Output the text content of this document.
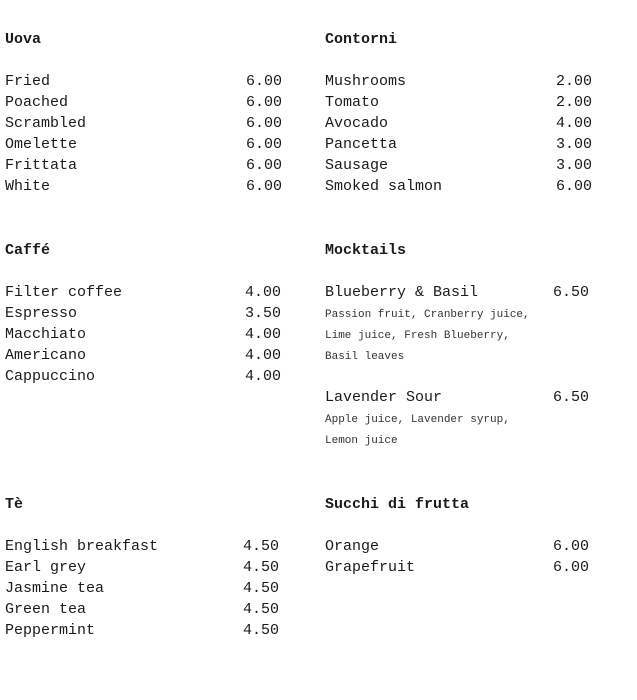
Uova
Fried	6.00
Poached	6.00
Scrambled	6.00
Omelette	6.00
Frittata	6.00
White	6.00
Contorni
Mushrooms	2.00
Tomato	2.00
Avocado	4.00
Pancetta	3.00
Sausage	3.00
Smoked salmon	6.00
Caffé
Filter coffee	4.00
Espresso	3.50
Macchiato	4.00
Americano	4.00
Cappuccino	4.00
Mocktails
Blueberry & Basil	6.50
Passion fruit, Cranberry juice,
Lime juice, Fresh Blueberry,
Basil leaves
Lavender Sour	6.50
Apple juice, Lavender syrup,
Lemon juice
Tè
English breakfast	4.50
Earl grey	4.50
Jasmine tea	4.50
Green tea	4.50
Peppermint	4.50
Succhi di frutta
Orange	6.00
Grapefruit	6.00
